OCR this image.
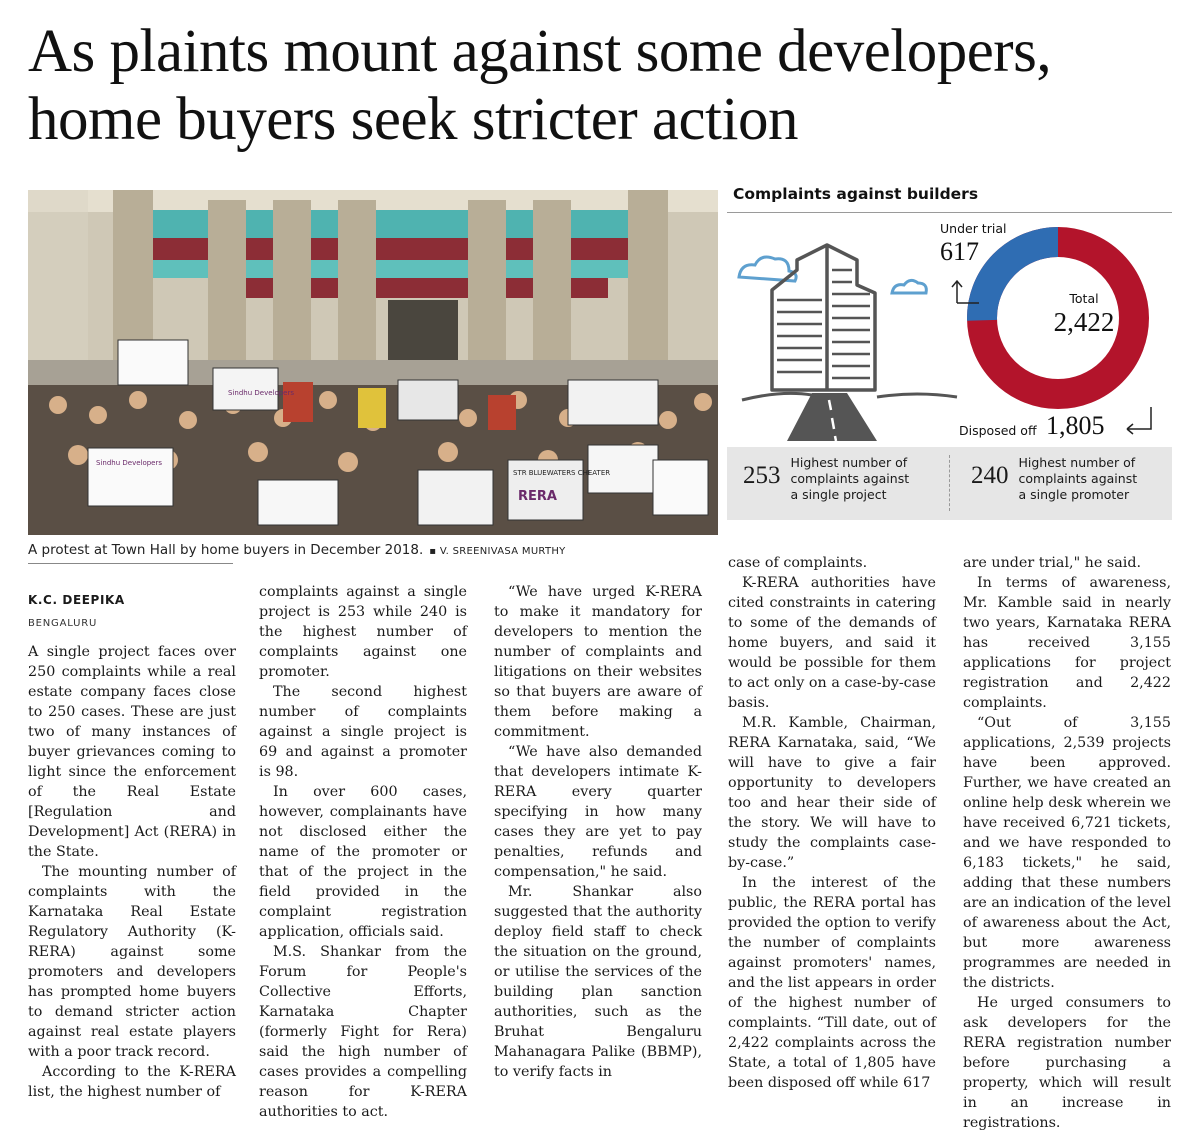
As plaints mount against some developers, home buyers seek stricter action
Sindhu Developers
Sindhu Developers
STR BLUEWATERS CHEATER
RERA
A protest at Town Hall by home buyers in December 2018. ▪ V. SREENIVASA MURTHY
Complaints against builders
Under trial
617
Total
2,422
Disposed off 1,805
253 Highest number of complaints against a single project
240 Highest number of complaints against a single promoter
K.C. DEEPIKA
BENGALURU

A single project faces over 250 complaints while a real estate company faces close to 250 cases. These are just two of many instances of buyer grievances coming to light since the enforcement of the Real Estate [Regulation and Development] Act (RERA) in the State.

The mounting number of complaints with the Karnataka Real Estate Regulatory Authority (K-RERA) against some promoters and developers has prompted home buyers to demand stricter action against real estate players with a poor track record.

According to the K-RERA list, the highest number of

complaints against a single project is 253 while 240 is the highest number of complaints against one promoter.

The second highest number of complaints against a single project is 69 and against a promoter is 98.

In over 600 cases, however, complainants have not disclosed either the name of the promoter or that of the project in the field provided in the complaint registration application, officials said.

M.S. Shankar from the Forum for People's Collective Efforts, Karnataka Chapter (formerly Fight for Rera) said the high number of cases provides a compelling reason for K-RERA authorities to act.

“We have urged K-RERA to make it mandatory for developers to mention the number of complaints and litigations on their websites so that buyers are aware of them before making a commitment.

“We have also demanded that developers intimate K-RERA every quarter specifying in how many cases they are yet to pay penalties, refunds and compensation," he said.

Mr. Shankar also suggested that the authority deploy field staff to check the situation on the ground, or utilise the services of the building plan sanction authorities, such as the Bruhat Bengaluru Mahanagara Palike (BBMP), to verify facts in

case of complaints.

K-RERA authorities have cited constraints in catering to some of the demands of home buyers, and said it would be possible for them to act only on a case-by-case basis.

M.R. Kamble, Chairman, RERA Karnataka, said, “We will have to give a fair opportunity to developers too and hear their side of the story. We will have to study the complaints case-by-case.”

In the interest of the public, the RERA portal has provided the option to verify the number of complaints against promoters' names, and the list appears in order of the highest number of complaints. “Till date, out of 2,422 complaints across the State, a total of 1,805 have been disposed off while 617

are under trial," he said.

In terms of awareness, Mr. Kamble said in nearly two years, Karnataka RERA has received 3,155 applications for project registration and 2,422 complaints.

“Out of 3,155 applications, 2,539 projects have been approved. Further, we have created an online help desk wherein we have received 6,721 tickets, and we have responded to 6,183 tickets," he said, adding that these numbers are an indication of the level of awareness about the Act, but more awareness programmes are needed in the districts.

He urged consumers to ask developers for the RERA registration number before purchasing a property, which will result in an increase in registrations.
